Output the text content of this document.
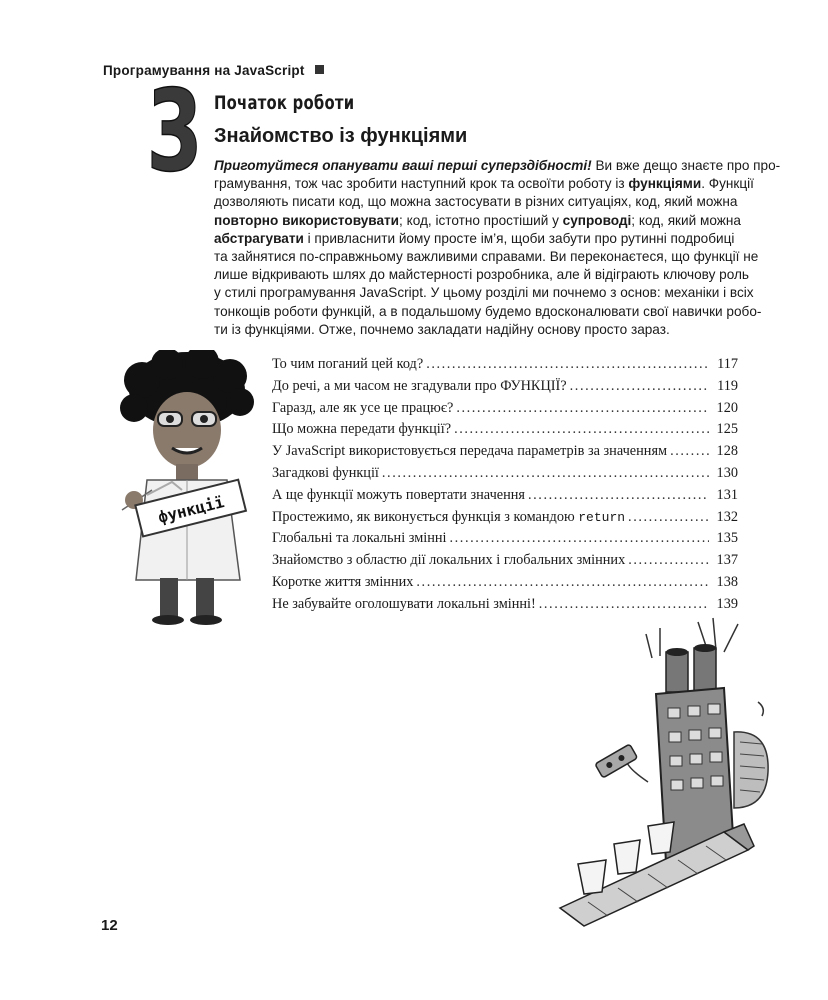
Програмування на JavaScript
3 Початок роботи
Знайомство із функціями

Приготуйтеся опанувати ваші перші суперздібності! Ви вже дещо знаєте про про-
грамування, тож час зробити наступний крок та освоїти роботу із функціями. Функції
дозволяють писати код, що можна застосувати в різних ситуаціях, код, який можна
повторно використовувати; код, істотно простіший у супроводі; код, який можна
абстрагувати і привласнити йому просте ім’я, щоби забути про рутинні подробиці
та зайнятися по-справжньому важливими справами. Ви переконаєтеся, що функції не
лише відкривають шлях до майстерності розробника, але й відіграють ключову роль
у стилі програмування JavaScript. У цьому розділі ми почнемо з основ: механіки і всіх
тонкощів роботи функцій, а в подальшому будемо вдосконалювати свої навички робо-
ти із функціями. Отже, почнемо закладати надійну основу просто зараз.

функції
То чим поганий цей код? . . .	117
До речі, а ми часом не згадували про ФУНКЦІЇ? . . .	119
Гаразд, але як усе це працює? . . .	120
Що можна передати функції? . . .	125
У JavaScript використовується передача параметрів за значенням . . .	128
Загадкові функції . . .	130
А ще функції можуть повертати значення . . .	131
Простежимо, як виконується функція з командою return . . .	132
Глобальні та локальні змінні . . .	135
Знайомство з областю дії локальних і глобальних змінних . . .	137
Коротке життя змінних . . .	138
Не забувайте оголошувати локальні змінні! . . .	139
12
